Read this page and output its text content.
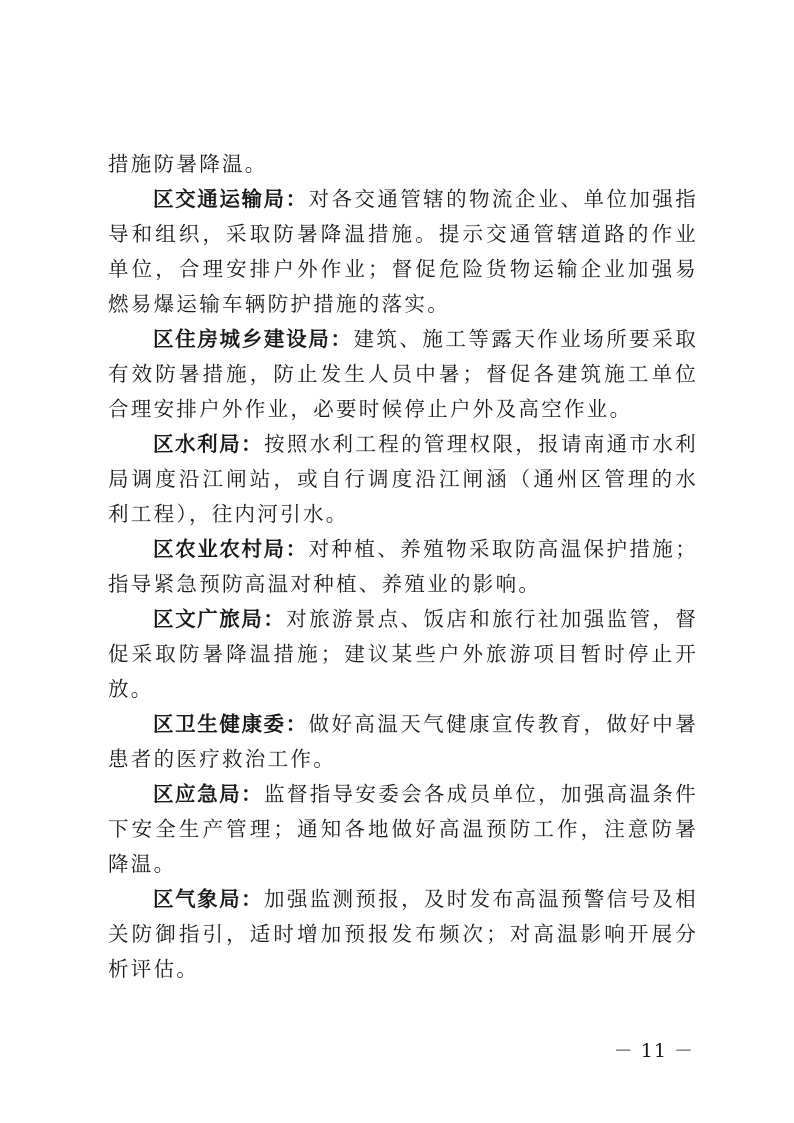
措施防暑降温。

区交通运输局：对各交通管辖的物流企业、单位加强指导和组织，采取防暑降温措施。提示交通管辖道路的作业单位，合理安排户外作业；督促危险货物运输企业加强易燃易爆运输车辆防护措施的落实。

区住房城乡建设局：建筑、施工等露天作业场所要采取有效防暑措施，防止发生人员中暑；督促各建筑施工单位合理安排户外作业，必要时候停止户外及高空作业。

区水利局：按照水利工程的管理权限，报请南通市水利局调度沿江闸站，或自行调度沿江闸涵（通州区管理的水利工程），往内河引水。

区农业农村局：对种植、养殖物采取防高温保护措施；指导紧急预防高温对种植、养殖业的影响。

区文广旅局：对旅游景点、饭店和旅行社加强监管，督促采取防暑降温措施；建议某些户外旅游项目暂时停止开放。

区卫生健康委：做好高温天气健康宣传教育，做好中暑患者的医疗救治工作。

区应急局：监督指导安委会各成员单位，加强高温条件下安全生产管理；通知各地做好高温预防工作，注意防暑降温。

区气象局：加强监测预报，及时发布高温预警信号及相关防御指引，适时增加预报发布频次；对高温影响开展分析评估。

－ 11 －
